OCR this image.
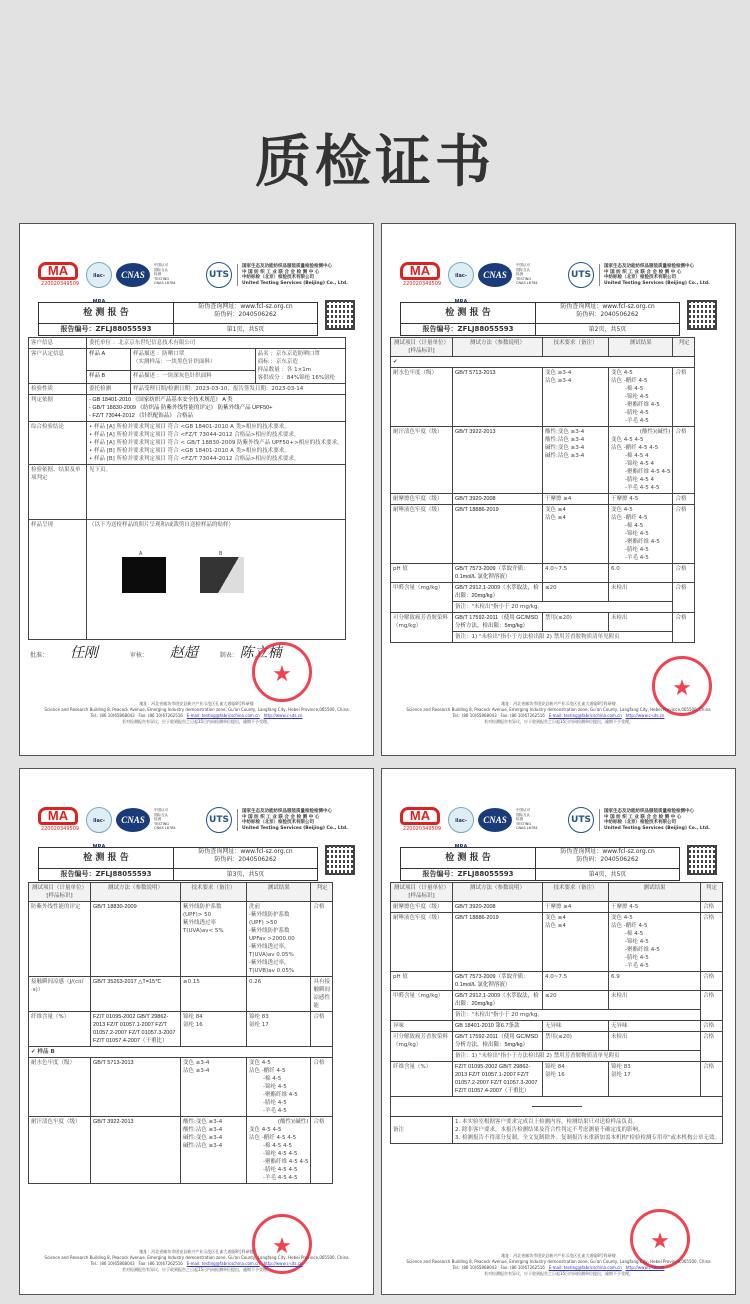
质检证书
MA
220020349509
ilac-MRA
CNAS
中国认可
国际互认
检测
TESTING
CNAS L6784
UTS
国家生态及功能纺织品服装质量检验检测中心
中 国 纺 织 工 业 联 合 会 检 测 中 心
中纺标检（北京）检验技术有限公司
United Testing Services (Beijing) Co., Ltd.
检 测 报 告
防伪查询网址：www.fcl-sz.org.cn
防伪码：2040506262
报告编号：ZFLJ88055593	第1页，共5页
客户信息	委托单位 ：北京京东世纪信息技术有限公司		
客户认定信息	样品 A	样品描述 ：防晒口罩
（实测样品：一块黑色针织面料）

品名 ：京东京造防晒口罩
商标 ：京东京造
样品数量 ：各 1×1m
客供成分 ：84%锦纶 16%氨纶

	样品 B	样品描述 ：一块深灰色针织面料	
检验性质	委托检测	样品受理日期/检测日期：2023-03-10，报告签发日期：2023-03-14	
判定依据	- GB 18401-2010 《国家纺织产品基本安全技术规范》 A 类
- GB/T 18830-2009 《纺织品 防紫外线性能的评定》 防紫外线产品 UPF50+
- FZ/T 73044-2012 《针织配饰品》 合格品		

综合检验结论	• 样品 [A] 所检并要求判定项目 符合 <GB 18401-2010 A 类>相应的技术要求。
• 样品 [A] 所检并要求判定项目 符合 <FZ/T 73044-2012 合格品>相应的技术要求。
• 样品 [A] 所检并要求判定项目 符合 < GB/T 18830-2009 防紫外线产品 UPF50+>相应的技术要求。
• 样品 [B] 所检并要求判定项目 符合 <GB 18401-2010 A 类>相应的技术要求。
• 样品 [B] 所检并要求判定项目 符合 <FZ/T 73044-2012 合格品>相应的技术要求。		

检验依据、结果及单项判定	见下页。		
样品呈现	（以下为送检样品的照片呈现和/或裁剪自送检样品的贴样）
A B		
批准： 任刚	审核： 赵超	制表： 陈立楠
★
地址：河北省廊坊市固安县新兴产业示范区孔雀大道临8号科研楼
Science and Research Building 8, Peacock Avenue, Emerging Industry demonstration zone, Gu'an County, Langfang City, Hebei Province,065500, China
Tel.: (86 10)65868043 Fax: (86 10)67262516 E-mail: testing@fabricschina.com.cn http://www.c-uts.cn
若对检测报告有异议，应于收到报告之日起15日内向检测单位提出，逾期不予受理。
MA
220020349509
ilac-MRA
CNAS
中国认可
国际互认
检测
TESTING
CNAS L6784
UTS
国家生态及功能纺织品服装质量检验检测中心
中 国 纺 织 工 业 联 合 会 检 测 中 心
中纺标检（北京）检验技术有限公司
United Testing Services (Beijing) Co., Ltd.
检 测 报 告
防伪查询网址：www.fcl-sz.org.cn
防伪码：2040506262
报告编号：ZFLJ88055593	第2页，共5页
测试项目（计量单位）[样品标识]	测试方法（参数说明）	技术要求（备注）	测试结果	判定
✔				
耐水色牢度（级）	GB/T 5713-2013	变色 ≥3-4
沾色 ≥3-4

变色 4-5
沾色 -醋纤 4-5
-棉 4-5
-锦纶 4-5
-聚酯纤维 4-5
-腈纶 4-5
-羊毛 4-5
	合格
耐汗渍色牢度（级）	GB/T 3922-2013	酸性:变色 ≥3-4
酸性:沾色 ≥3-4
碱性:变色 ≥3-4
碱性:沾色 ≥3-4

(酸性)(碱性)
变色 4-5 4-5
沾色 -醋纤 4-5 4-5
-棉 4-5 4
-锦纶 4-5 4
-聚酯纤维 4-5 4-5
-腈纶 4-5 4
-羊毛 4-5 4-5
	合格
耐摩擦色牢度（级）	GB/T 3920-2008	干摩擦 ≥4	干摩擦 4-5	合格
耐唾液色牢度（级）	GB/T 18886-2019	变色 ≥4
沾色 ≥4

变色 4-5
沾色 -醋纤 4-5
-棉 4-5
-锦纶 4-5
-聚酯纤维 4-5
-腈纶 4-5
-羊毛 4-5
	合格
pH 值	GB/T 7573-2009（萃取介质：0.1mol/L 氯化钾溶液）	4.0~7.5	6.0	合格
甲醛含量（mg/kg）	GB/T 2912.1-2009（水萃取法，检出限：20mg/kg）	≤20	未检出	合格
	备注："未检出"指小于 20 mg/kg。			
可分解致癌芳香胺染料（mg/kg）	GB/T 17592-2011（使用 GC/MSD 分析方法，检出限：5mg/kg）	禁用(≤20)	未检出	合格
	备注：1) "未检出"指小于方法检出限 2) 禁用芳香胺物质清单见附页			
★
地址：河北省廊坊市固安县新兴产业示范区孔雀大道临8号科研楼
Science and Research Building 8, Peacock Avenue, Emerging Industry demonstration zone, Gu'an County, Langfang City, Hebei Province,065500, China
Tel.: (86 10)65868043 Fax: (86 10)67262516 E-mail: testing@fabricschina.com.cn http://www.c-uts.cn
若对检测报告有异议，应于收到报告之日起15日内向检测单位提出，逾期不予受理。
MA
220020349509
ilac-MRA
CNAS
中国认可
国际互认
检测
TESTING
CNAS L6784
UTS
国家生态及功能纺织品服装质量检验检测中心
中 国 纺 织 工 业 联 合 会 检 测 中 心
中纺标检（北京）检验技术有限公司
United Testing Services (Beijing) Co., Ltd.
检 测 报 告
防伪查询网址：www.fcl-sz.org.cn
防伪码：2040506262
报告编号：ZFLJ88055593	第3页，共5页
测试项目（计量单位）[样品标识]	测试方法（参数说明）	技术要求（备注）	测试结果	判定
防紫外线性能的评定	GB/T 18830-2009	紫外线防护系数
(UPF)> 50
紫外线透过率
T(UVA)av< 5%

洗前
-紫外线防护系数
(UPF) >50
-紫外线防护系数
UPFav >2000.00
-紫外线透过率，
T(UVA)av 0.05%
-紫外线透过率，
T(UVB)av 0.05%
	合格
接触瞬间凉感（J/(c㎡·s)）	GB/T 35263-2017 △T=15℃	≥0.15	0.26	具有接触瞬间凉感性能
纤维含量（%）	FZ/T 01095-2002 GB/T 29862-2013 FZ/T 01057.1-2007 FZ/T 01057.2-2007 FZ/T 01057.3-2007 FZ/T 01057.4-2007（干重比）	
锦纶 84
氨纶 16

锦纶 83
氨纶 17
	合格
✔ 样品 B				
耐水色牢度（级）	GB/T 5713-2013	变色 ≥3-4
沾色 ≥3-4

变色 4-5
沾色 -醋纤 4-5
-棉 4-5
-锦纶 4-5
-聚酯纤维 4-5
-腈纶 4-5
-羊毛 4-5
	合格
耐汗渍色牢度（级）	GB/T 3922-2013	酸性:变色 ≥3-4
酸性:沾色 ≥3-4
碱性:变色 ≥3-4
碱性:沾色 ≥3-4

(酸性)(碱性)
变色 4-5 4-5
沾色 -醋纤 4-5 4-5
-棉 4-5 4-5
-锦纶 4-5 4-5
-聚酯纤维 4-5 4-5
-腈纶 4-5 4-5
-羊毛 4-5 4-5
	合格
★
地址：河北省廊坊市固安县新兴产业示范区孔雀大道临8号科研楼
Science and Research Building 8, Peacock Avenue, Emerging Industry demonstration zone, Gu'an County, Langfang City, Hebei Province,065500, China
Tel.: (86 10)65868043 Fax: (86 10)67262516 E-mail: testing@fabricschina.com.cn http://www.c-uts.cn
若对检测报告有异议，应于收到报告之日起15日内向检测单位提出，逾期不予受理。
MA
220020349509
ilac-MRA
CNAS
中国认可
国际互认
检测
TESTING
CNAS L6784
UTS
国家生态及功能纺织品服装质量检验检测中心
中 国 纺 织 工 业 联 合 会 检 测 中 心
中纺标检（北京）检验技术有限公司
United Testing Services (Beijing) Co., Ltd.
检 测 报 告
防伪查询网址：www.fcl-sz.org.cn
防伪码：2040506262
报告编号：ZFLJ88055593	第4页，共5页
测试项目（计量单位）[样品标识]	测试方法（参数说明）	技术要求（备注）	测试结果	判定
耐摩擦色牢度（级）	GB/T 3920-2008	干摩擦 ≥4	干摩擦 4-5	合格
耐唾液色牢度（级）	GB/T 18886-2019	变色 ≥4
沾色 ≥4

变色 4-5
沾色 -醋纤 4-5
-棉 4-5
-锦纶 4-5
-聚酯纤维 4-5
-腈纶 4-5
-羊毛 4-5
	合格
pH 值	GB/T 7573-2009（萃取介质：0.1mol/L 氯化钾溶液）	4.0~7.5	6.9	合格
甲醛含量（mg/kg）	GB/T 2912.1-2009（水萃取法，检出限：20mg/kg）	≤20	未检出	合格
	备注："未检出"指小于 20 mg/kg。			
异味	GB 18401-2010 第6.7条款	无异味	无异味	合格
可分解致癌芳香胺染料（mg/kg）	GB/T 17592-2011（使用 GC/MSD 分析方法，检出限：5mg/kg）	禁用(≤20)	未检出	合格
	备注：1) "未检出"指小于方法检出限 2) 禁用芳香胺物质清单见附页			
纤维含量（%）	FZ/T 01095-2002 GB/T 29862-2013 FZ/T 01057.1-2007 FZ/T 01057.2-2007 FZ/T 01057.3-2007 FZ/T 01057.4-2007（干重比）	
锦纶 84
氨纶 16

锦纶 83
氨纶 17
	合格

备注	1. 本实验室根据客户要求完成以上检测内容，检测结果只对送检样品负责。
2. 除非客户要求，本报告检测结果及符合性判定不考虑测量不确定度的影响。
3. 检测报告不得部分复制，全文复制除外。复制报告未重新加盖本机构"检验检测专用章"或本机构公章无效。			
★
地址：河北省廊坊市固安县新兴产业示范区孔雀大道临8号科研楼
Science and Research Building 8, Peacock Avenue, Emerging Industry demonstration zone, Gu'an County, Langfang City, Hebei Province,065500, China
Tel.: (86 10)65868043 Fax: (86 10)67262516 E-mail: testing@fabricschina.com.cn http://www.c-uts.cn
若对检测报告有异议，应于收到报告之日起15日内向检测单位提出，逾期不予受理。
